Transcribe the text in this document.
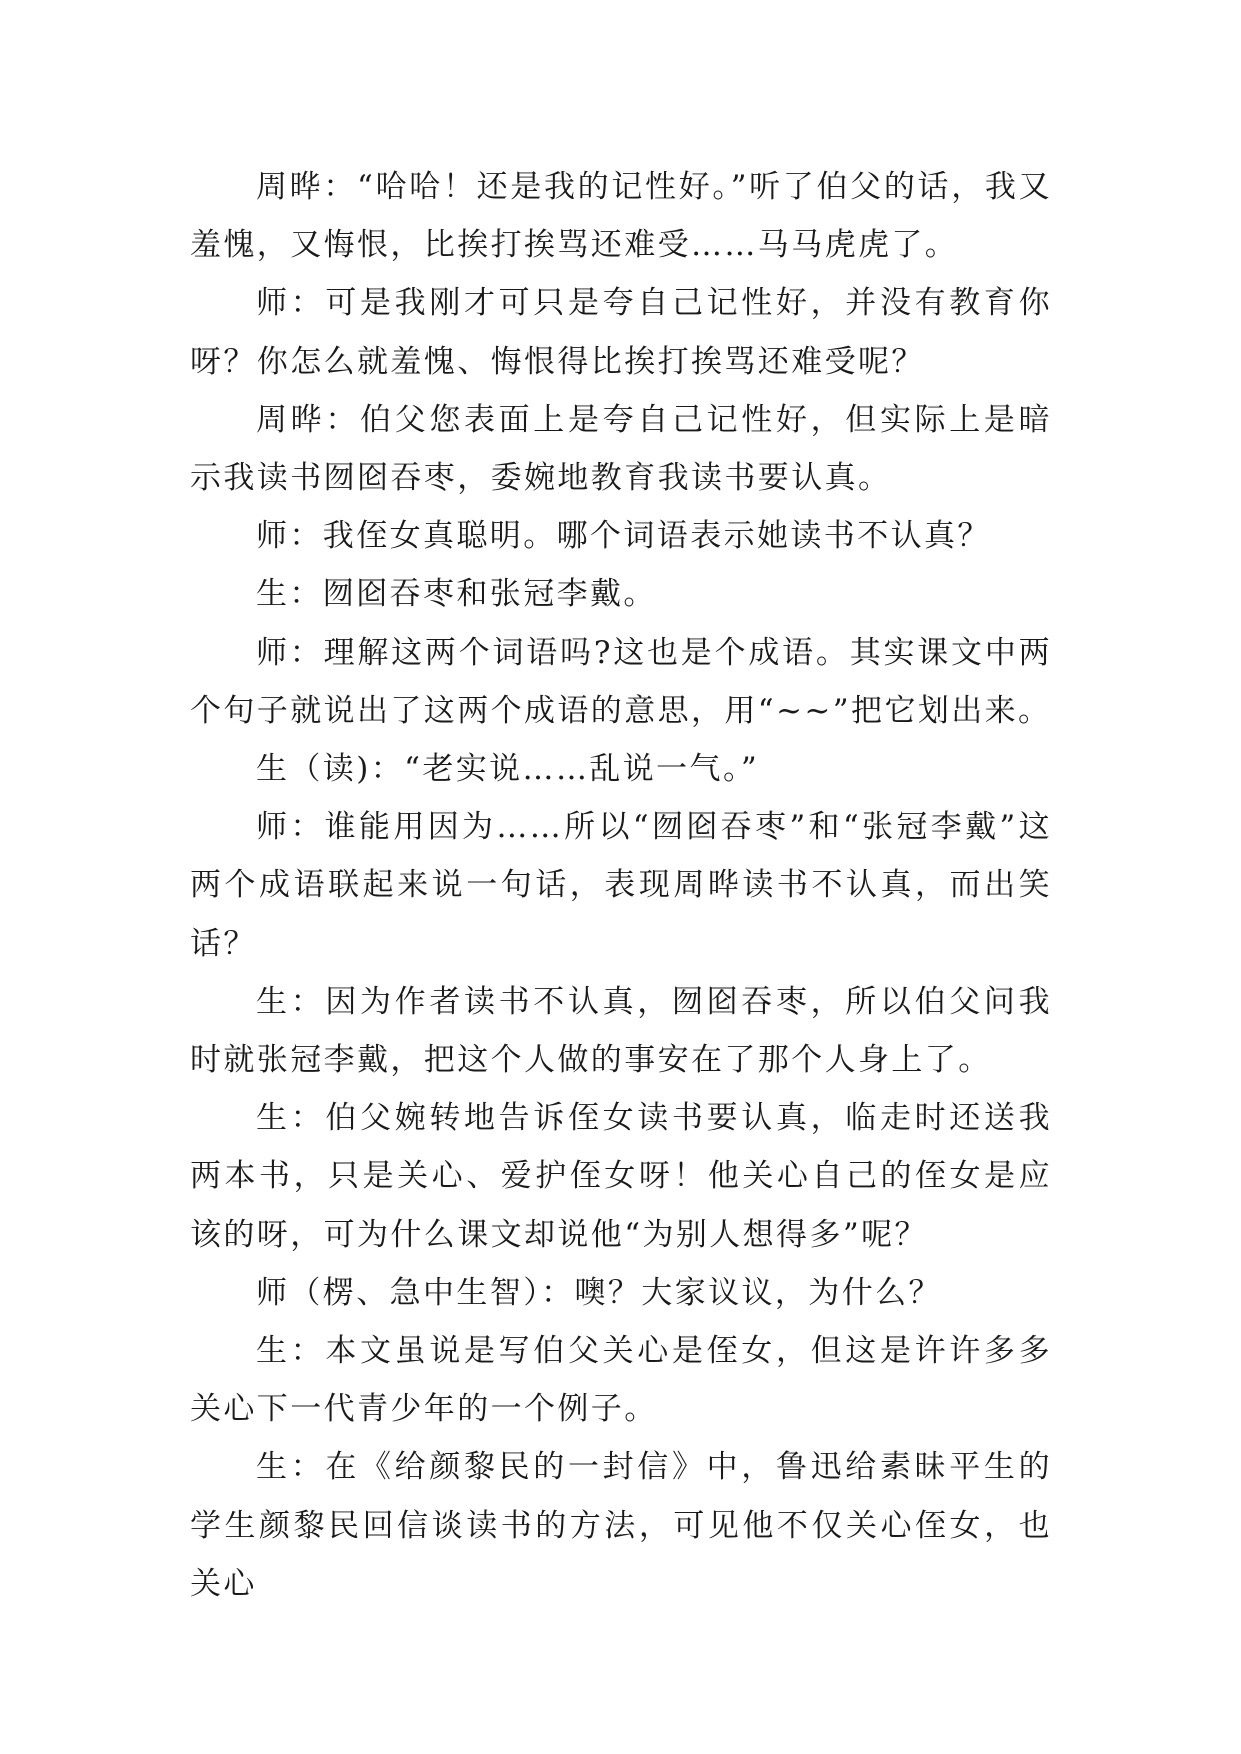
周晔：“哈哈！还是我的记性好。”听了伯父的话，我又羞愧，又悔恨，比挨打挨骂还难受……马马虎虎了。

师：可是我刚才可只是夸自己记性好，并没有教育你呀？你怎么就羞愧、悔恨得比挨打挨骂还难受呢？

周晔：伯父您表面上是夸自己记性好，但实际上是暗示我读书囫囵吞枣，委婉地教育我读书要认真。

师：我侄女真聪明。哪个词语表示她读书不认真？

生：囫囵吞枣和张冠李戴。

师：理解这两个词语吗?这也是个成语。其实课文中两个句子就说出了这两个成语的意思，用“~~”把它划出来。

生（读)：“老实说……乱说一气。”

师：谁能用因为……所以“囫囵吞枣”和“张冠李戴”这两个成语联起来说一句话，表现周晔读书不认真，而出笑话？

生：因为作者读书不认真，囫囵吞枣，所以伯父问我时就张冠李戴，把这个人做的事安在了那个人身上了。

生：伯父婉转地告诉侄女读书要认真，临走时还送我两本书，只是关心、爱护侄女呀！他关心自己的侄女是应该的呀，可为什么课文却说他“为别人想得多”呢？

师（楞、急中生智）：噢？大家议议，为什么？

生：本文虽说是写伯父关心是侄女，但这是许许多多关心下一代青少年的一个例子。

生：在《给颜黎民的一封信》中，鲁迅给素昧平生的学生颜黎民回信谈读书的方法，可见他不仅关心侄女，也关心
